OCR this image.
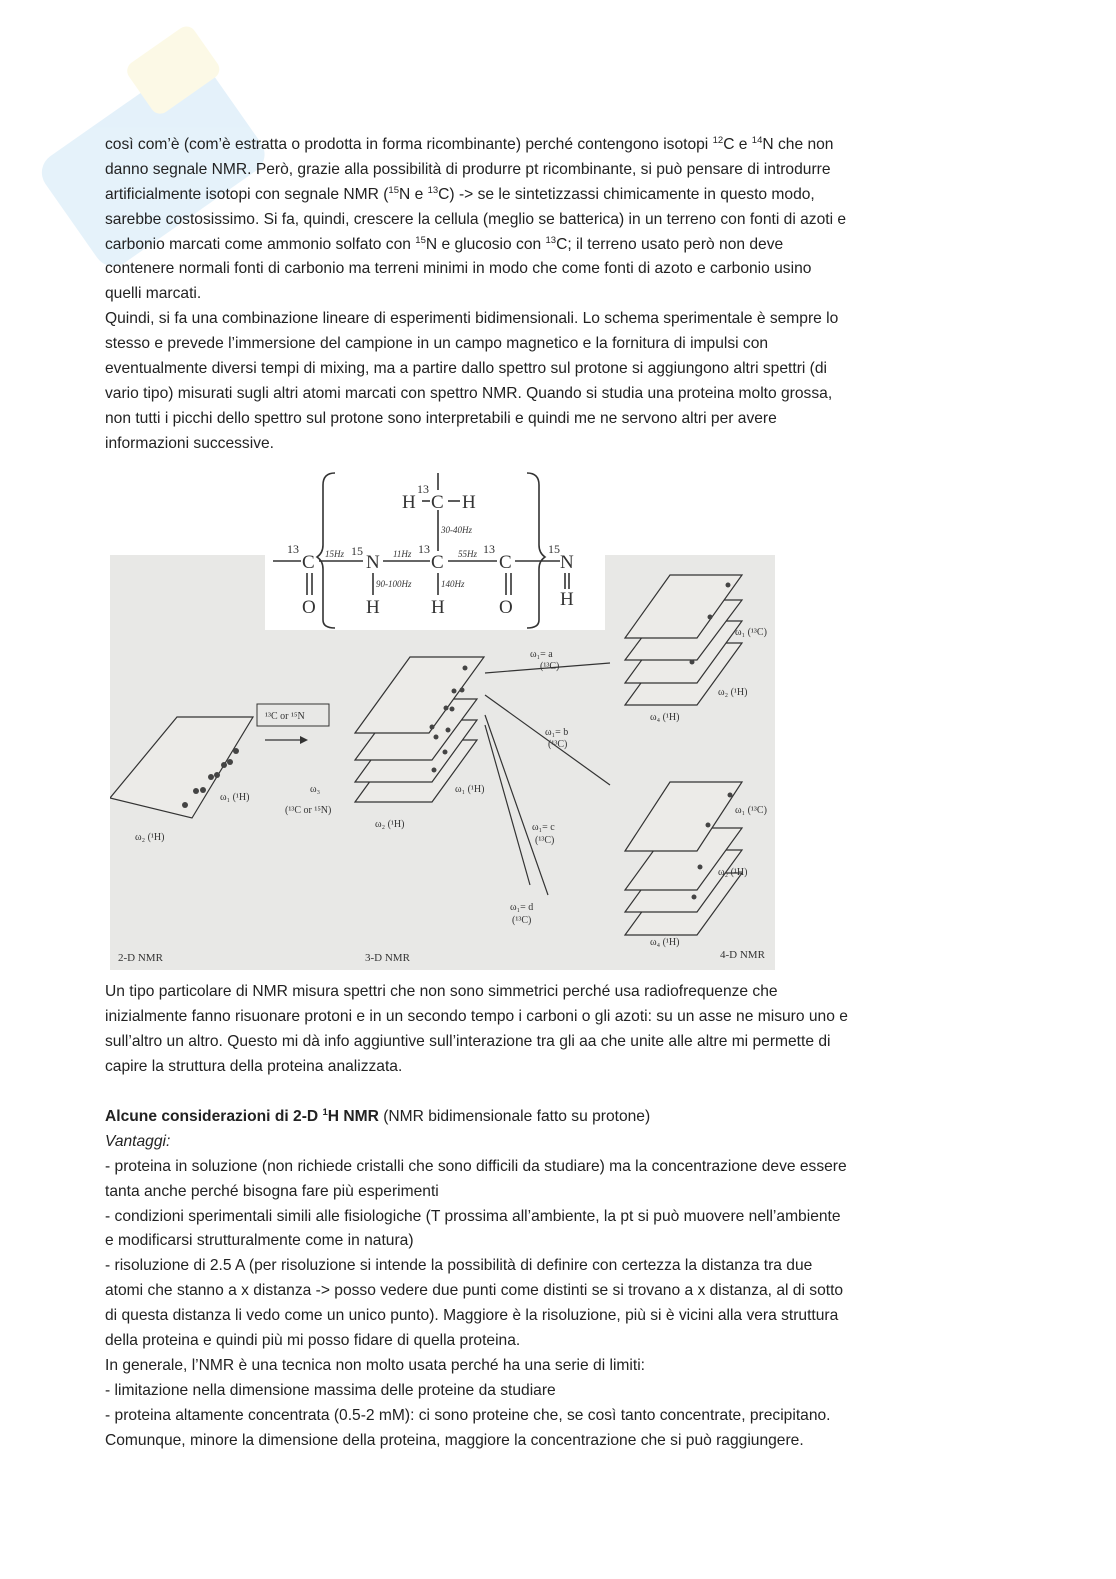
così com’è (com’è estratta o prodotta in forma ricombinante) perché contengono isotopi $^{12}$C e $^{14}$N che non
danno segnale NMR. Però, grazie alla possibilità di produrre pt ricombinante, si può pensare di introdurre
artificialmente isotopi con segnale NMR ($^{15}$N e $^{13}$C) -> se le sintetizzassi chimicamente in questo modo,
sarebbe costosissimo. Si fa, quindi, crescere la cellula (meglio se batterica) in un terreno con fonti di azoti e
carbonio marcati come ammonio solfato con $^{15}$N e glucosio con $^{13}$C; il terreno usato però non deve
contenere normali fonti di carbonio ma terreni minimi in modo che come fonti di azoto e carbonio usino
quelli marcati.
Quindi, si fa una combinazione lineare di esperimenti bidimensionali. Lo schema sperimentale è sempre lo
stesso e prevede l’immersione del campione in un campo magnetico e la fornitura di impulsi con
eventualmente diversi tempi di mixing, ma a partire dallo spettro sul protone si aggiungono altri spettri (di
vario tipo) misurati sugli altri atomi marcati con spettro NMR. Quando si studia una proteina molto grossa,
non tutti i picchi dello spettro sul protone sono interpretabili e quindi me ne servono altri per avere
informazioni successive.
H
13
C H
13
C
O
15
N
H
13
C
H
13
C
O
15
N
H
30-40Hz
15Hz	11Hz	55Hz
90-100Hz	140Hz
¹³C or ¹⁵N
ω₁ (¹H)
ω₂ (¹H)
ω₃
(¹³C or ¹⁵N)
ω₁ (¹H)
ω₂ (¹H)
ω₁= a
(¹³C)
ω₁= b
(¹³C)
ω₁= c
(¹³C)
ω₁= d
(¹³C)
ω₄ (¹H)
ω₄ (¹H)
ω₂ (¹H)
ω₂ (¹H)
ω₁ (¹³C)
ω₁ (¹³C)
2-D NMR	3-D NMR	4-D NMR
Un tipo particolare di NMR misura spettri che non sono simmetrici perché usa radiofrequenze che
inizialmente fanno risuonare protoni e in un secondo tempo i carboni o gli azoti: su un asse ne misuro uno e
sull’altro un altro. Questo mi dà info aggiuntive sull’interazione tra gli aa che unite alle altre mi permette di
capire la struttura della proteina analizzata.
Alcune considerazioni di 2-D $^1$H NMR (NMR bidimensionale fatto su protone)
Vantaggi:
- proteina in soluzione (non richiede cristalli che sono difficili da studiare) ma la concentrazione deve essere
tanta anche perché bisogna fare più esperimenti
- condizioni sperimentali simili alle fisiologiche (T prossima all’ambiente, la pt si può muovere nell’ambiente
e modificarsi strutturalmente come in natura)
- risoluzione di 2.5 A (per risoluzione si intende la possibilità di definire con certezza la distanza tra due
atomi che stanno a x distanza -> posso vedere due punti come distinti se si trovano a x distanza, al di sotto
di questa distanza li vedo come un unico punto). Maggiore è la risoluzione, più si è vicini alla vera struttura
della proteina e quindi più mi posso fidare di quella proteina.
In generale, l’NMR è una tecnica non molto usata perché ha una serie di limiti:
- limitazione nella dimensione massima delle proteine da studiare
- proteina altamente concentrata (0.5-2 mM): ci sono proteine che, se così tanto concentrate, precipitano.
Comunque, minore la dimensione della proteina, maggiore la concentrazione che si può raggiungere.
